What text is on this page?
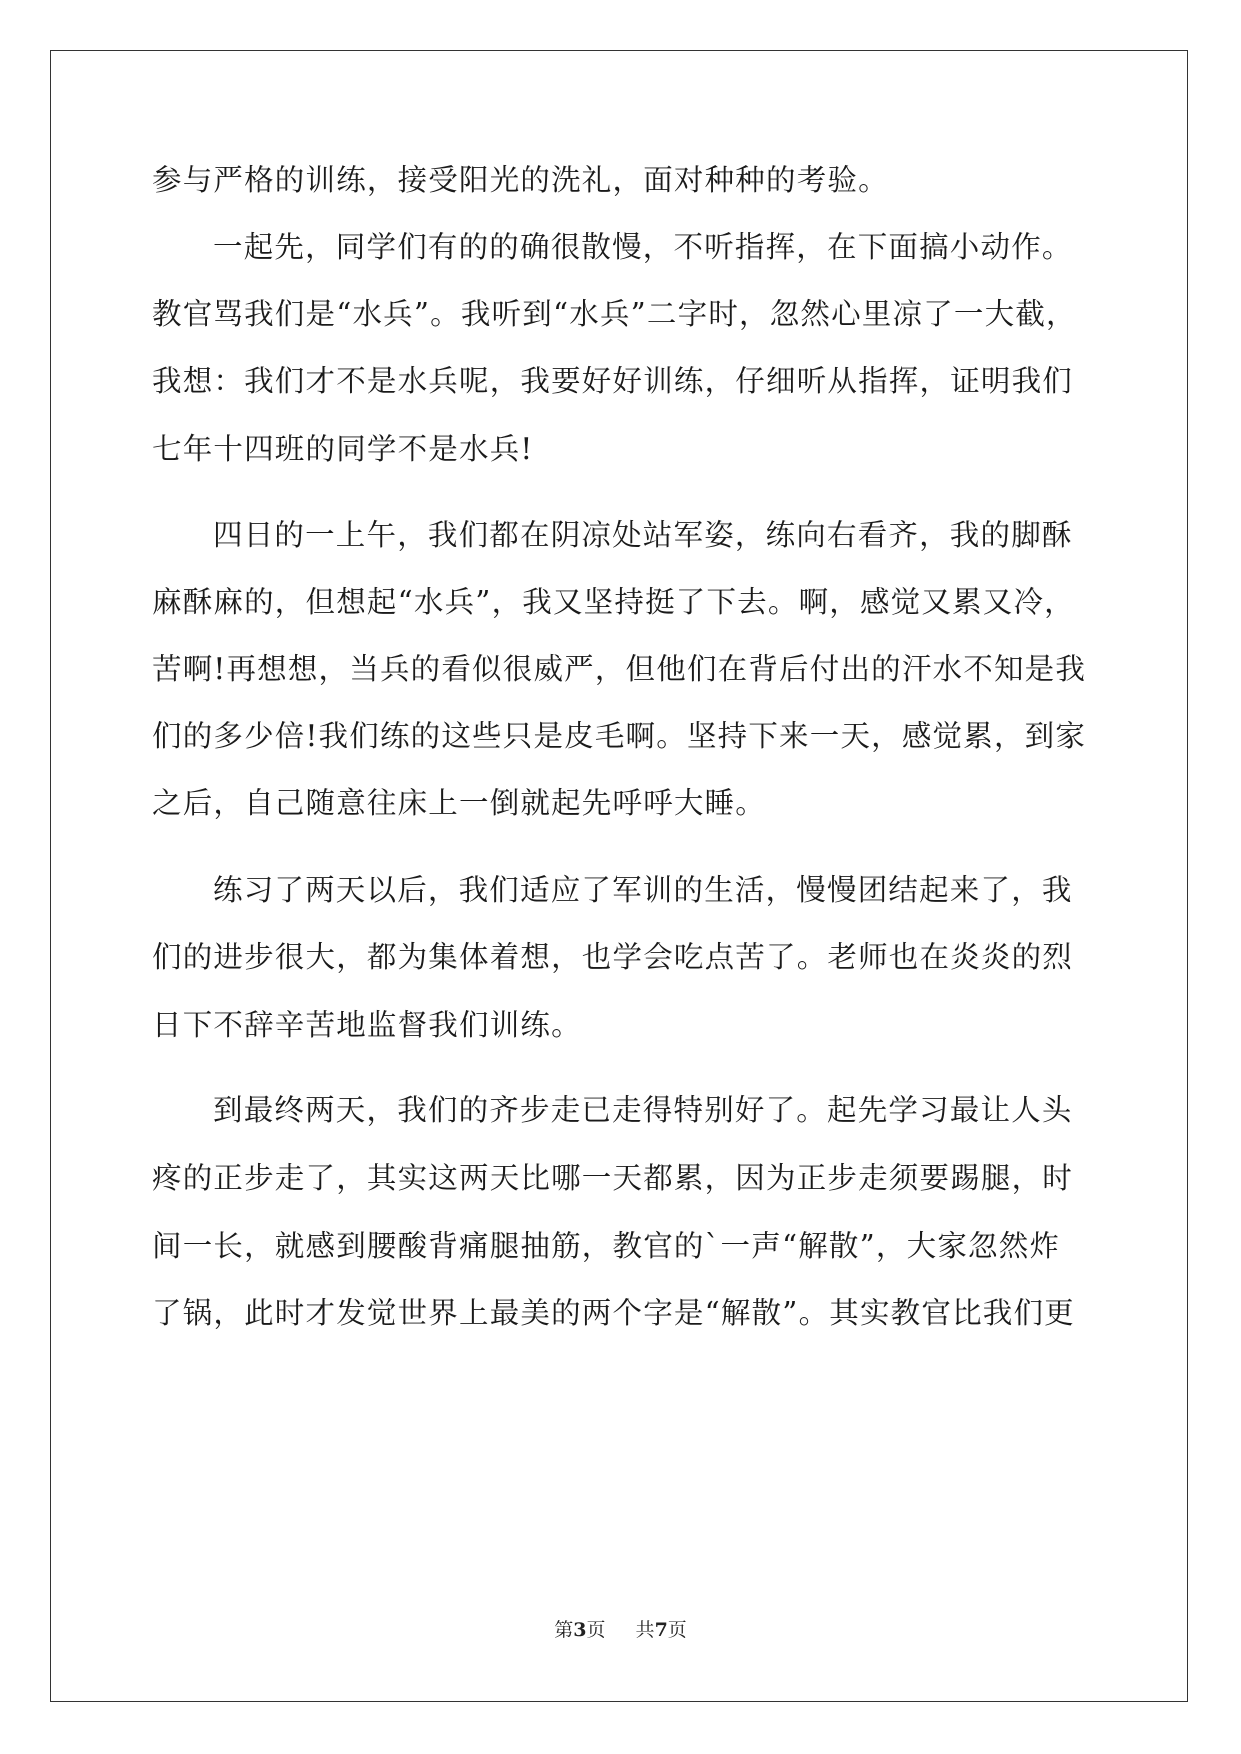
参与严格的训练，接受阳光的洗礼，面对种种的考验。
一起先，同学们有的的确很散慢，不听指挥，在下面搞小动作。
教官骂我们是“水兵”。我听到“水兵”二字时，忽然心里凉了一大截，
我想：我们才不是水兵呢，我要好好训练，仔细听从指挥，证明我们
七年十四班的同学不是水兵!
四日的一上午，我们都在阴凉处站军姿，练向右看齐，我的脚酥
麻酥麻的，但想起“水兵”，我又坚持挺了下去。啊，感觉又累又冷，
苦啊!再想想，当兵的看似很威严，但他们在背后付出的汗水不知是我
们的多少倍!我们练的这些只是皮毛啊。坚持下来一天，感觉累，到家
之后，自己随意往床上一倒就起先呼呼大睡。
练习了两天以后，我们适应了军训的生活，慢慢团结起来了，我
们的进步很大，都为集体着想，也学会吃点苦了。老师也在炎炎的烈
日下不辞辛苦地监督我们训练。
到最终两天，我们的齐步走已走得特别好了。起先学习最让人头
疼的正步走了，其实这两天比哪一天都累，因为正步走须要踢腿，时
间一长，就感到腰酸背痛腿抽筋，教官的`一声“解散”，大家忽然炸
了锅，此时才发觉世界上最美的两个字是“解散”。其实教官比我们更
第3页 共7页
